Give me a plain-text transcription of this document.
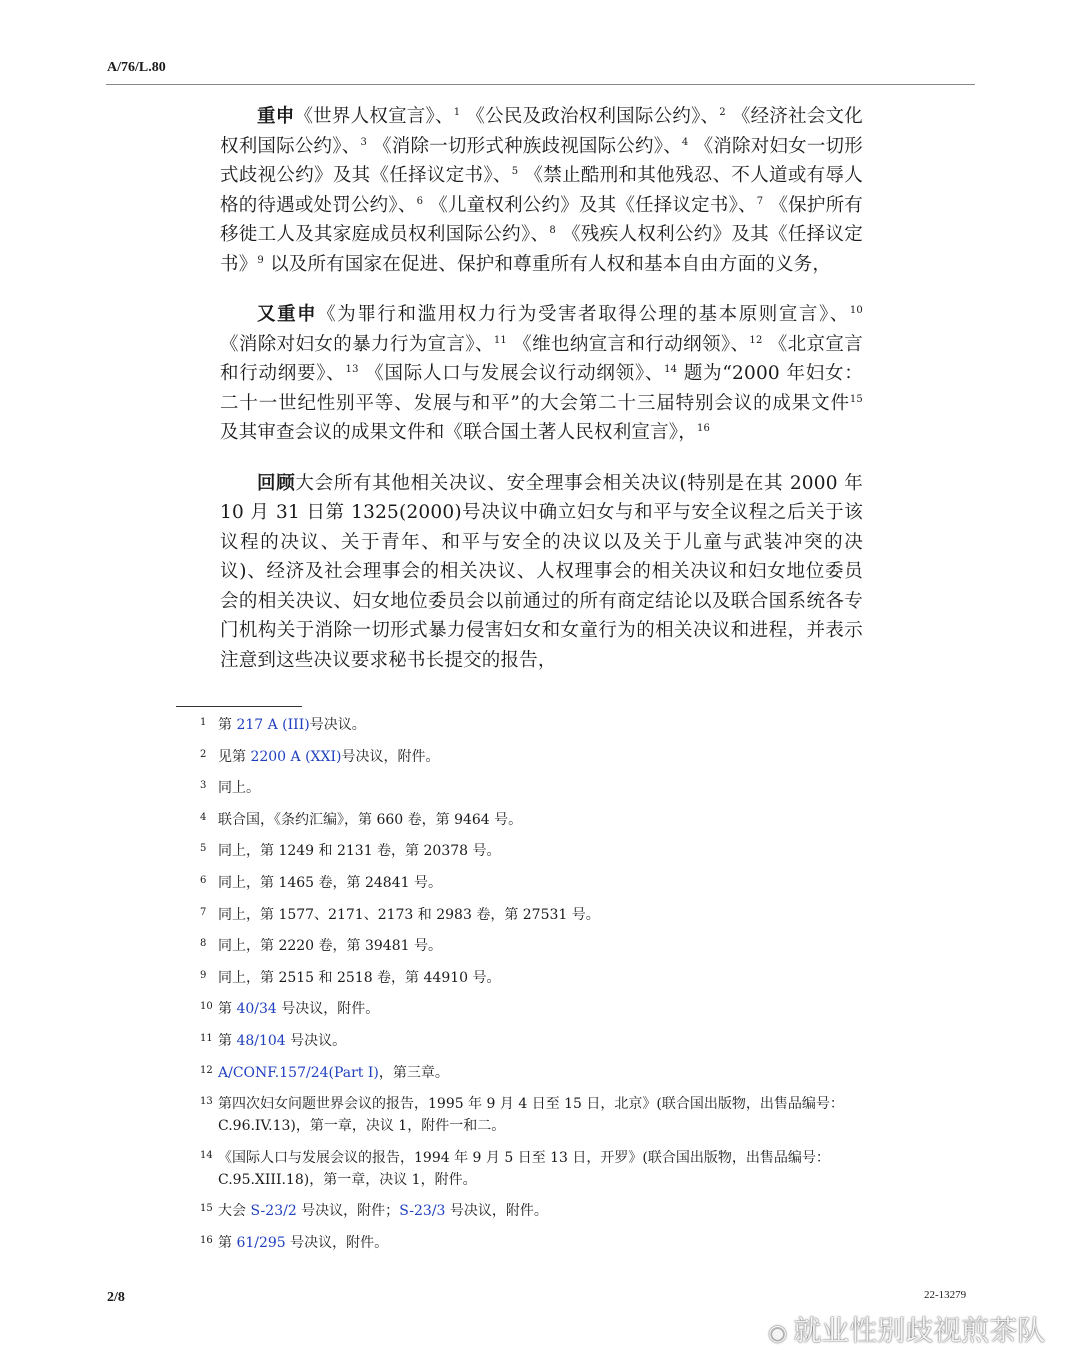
A/76/L.80

重申《世界人权宣言》、$^1$ 《公民及政治权利国际公约》、$^2$ 《经济社会文化权利国际公约》、$^3$ 《消除一切形式种族歧视国际公约》、$^4$ 《消除对妇女一切形式歧视公约》及其《任择议定书》、$^5$ 《禁止酷刑和其他残忍、不人道或有辱人格的待遇或处罚公约》、$^6$ 《儿童权利公约》及其《任择议定书》、$^7$ 《保护所有移徙工人及其家庭成员权利国际公约》、$^8$ 《残疾人权利公约》及其《任择议定书》$^9$ 以及所有国家在促进、保护和尊重所有人权和基本自由方面的义务，

又重申《为罪行和滥用权力行为受害者取得公理的基本原则宣言》、$^{10}$ 《消除对妇女的暴力行为宣言》、$^{11}$ 《维也纳宣言和行动纲领》、$^{12}$ 《北京宣言和行动纲要》、$^{13}$ 《国际人口与发展会议行动纲领》、$^{14}$ 题为“2000 年妇女：二十一世纪性别平等、发展与和平”的大会第二十三届特别会议的成果文件$^{15}$ 及其审查会议的成果文件和《联合国土著人民权利宣言》，$^{16}$

回顾大会所有其他相关决议、安全理事会相关决议(特别是在其 2000 年 10 月 31 日第 1325(2000)号决议中确立妇女与和平与安全议程之后关于该议程的决议、关于青年、和平与安全的决议以及关于儿童与武装冲突的决议)、经济及社会理事会的相关决议、人权理事会的相关决议和妇女地位委员会的相关决议、妇女地位委员会以前通过的所有商定结论以及联合国系统各专门机构关于消除一切形式暴力侵害妇女和女童行为的相关决议和进程，并表示注意到这些决议要求秘书长提交的报告，

1 第 217 A (III)号决议。
2 见第 2200 A (XXI)号决议，附件。
3 同上。
4 联合国，《条约汇编》，第 660 卷，第 9464 号。
5 同上，第 1249 和 2131 卷，第 20378 号。
6 同上，第 1465 卷，第 24841 号。
7 同上，第 1577、2171、2173 和 2983 卷，第 27531 号。
8 同上，第 2220 卷，第 39481 号。
9 同上，第 2515 和 2518 卷，第 44910 号。
10 第 40/34 号决议，附件。
11 第 48/104 号决议。
12 A/CONF.157/24(Part I)，第三章。
13 第四次妇女问题世界会议的报告，1995 年 9 月 4 日至 15 日，北京》(联合国出版物，出售品编号：C.96.IV.13)，第一章，决议 1，附件一和二。
14 《国际人口与发展会议的报告，1994 年 9 月 5 日至 13 日，开罗》(联合国出版物，出售品编号：C.95.XIII.18)，第一章，决议 1，附件。
15 大会 S-23/2 号决议，附件；S-23/3 号决议，附件。
16 第 61/295 号决议，附件。
2/8	22-13279
◉ 就业性别歧视煎茶队
